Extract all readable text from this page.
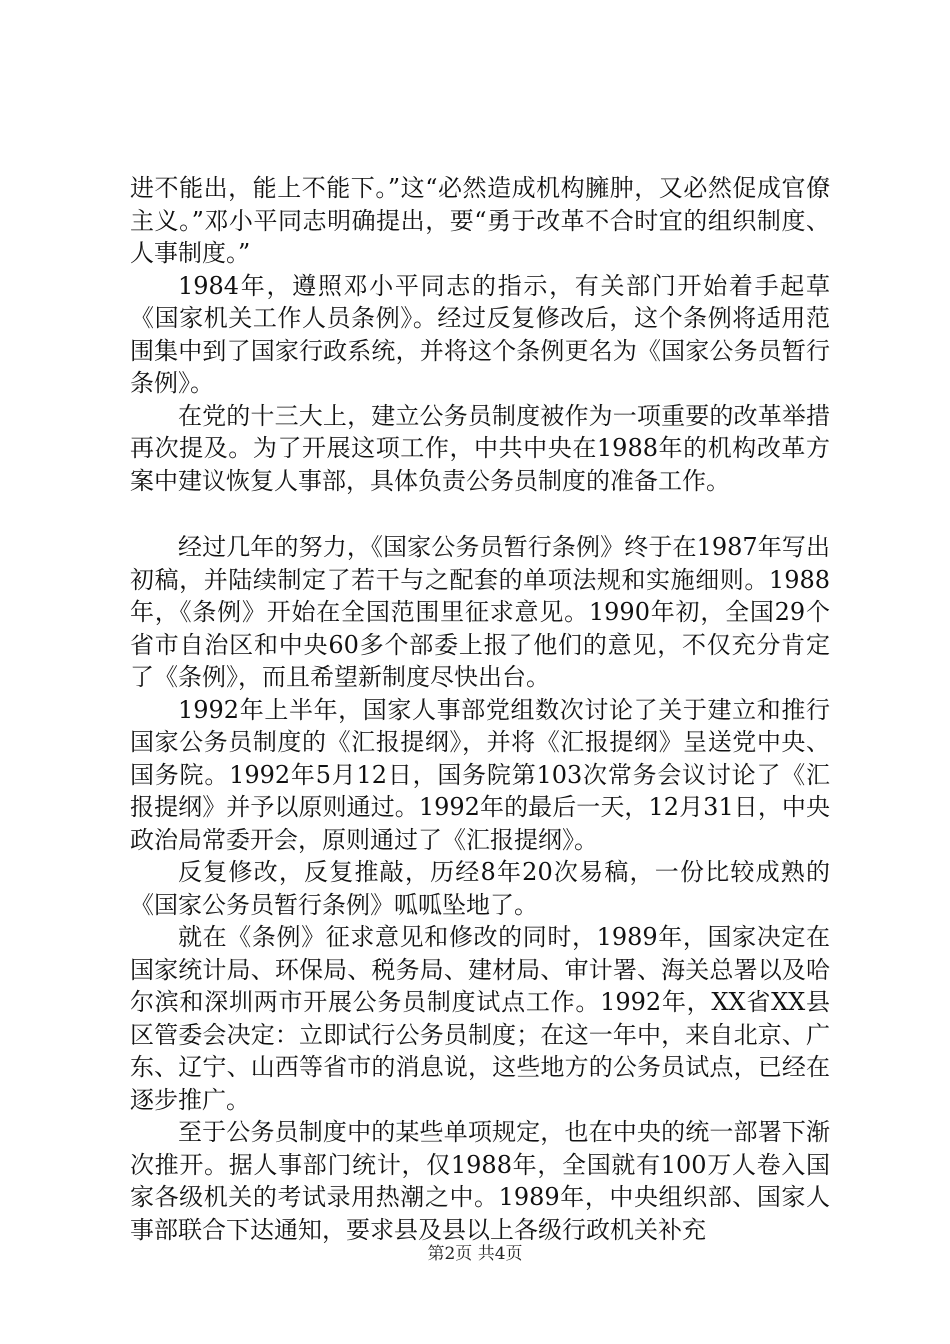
进不能出，能上不能下。”这“必然造成机构臃肿，又必然促成官僚主义。”邓小平同志明确提出，要“勇于改革不合时宜的组织制度、人事制度。”

1984年，遵照邓小平同志的指示，有关部门开始着手起草《国家机关工作人员条例》。经过反复修改后，这个条例将适用范围集中到了国家行政系统，并将这个条例更名为《国家公务员暂行条例》。

在党的十三大上，建立公务员制度被作为一项重要的改革举措再次提及。为了开展这项工作，中共中央在1988年的机构改革方案中建议恢复人事部，具体负责公务员制度的准备工作。

经过几年的努力，《国家公务员暂行条例》终于在1987年写出初稿，并陆续制定了若干与之配套的单项法规和实施细则。1988年，《条例》开始在全国范围里征求意见。1990年初，全国29个省市自治区和中央60多个部委上报了他们的意见，不仅充分肯定了《条例》，而且希望新制度尽快出台。

1992年上半年，国家人事部党组数次讨论了关于建立和推行国家公务员制度的《汇报提纲》，并将《汇报提纲》呈送党中央、国务院。1992年5月12日，国务院第103次常务会议讨论了《汇报提纲》并予以原则通过。1992年的最后一天，12月31日，中央政治局常委开会，原则通过了《汇报提纲》。

反复修改，反复推敲，历经8年20次易稿，一份比较成熟的《国家公务员暂行条例》呱呱坠地了。

就在《条例》征求意见和修改的同时，1989年，国家决定在国家统计局、环保局、税务局、建材局、审计署、海关总署以及哈尔滨和深圳两市开展公务员制度试点工作。1992年，XX省XX县区管委会决定：立即试行公务员制度；在这一年中，来自北京、广东、辽宁、山西等省市的消息说，这些地方的公务员试点，已经在逐步推广。

至于公务员制度中的某些单项规定，也在中央的统一部署下渐次推开。据人事部门统计，仅1988年，全国就有100万人卷入国家各级机关的考试录用热潮之中。1989年，中央组织部、国家人事部联合下达通知，要求县及县以上各级行政机关补充

第2页 共4页
